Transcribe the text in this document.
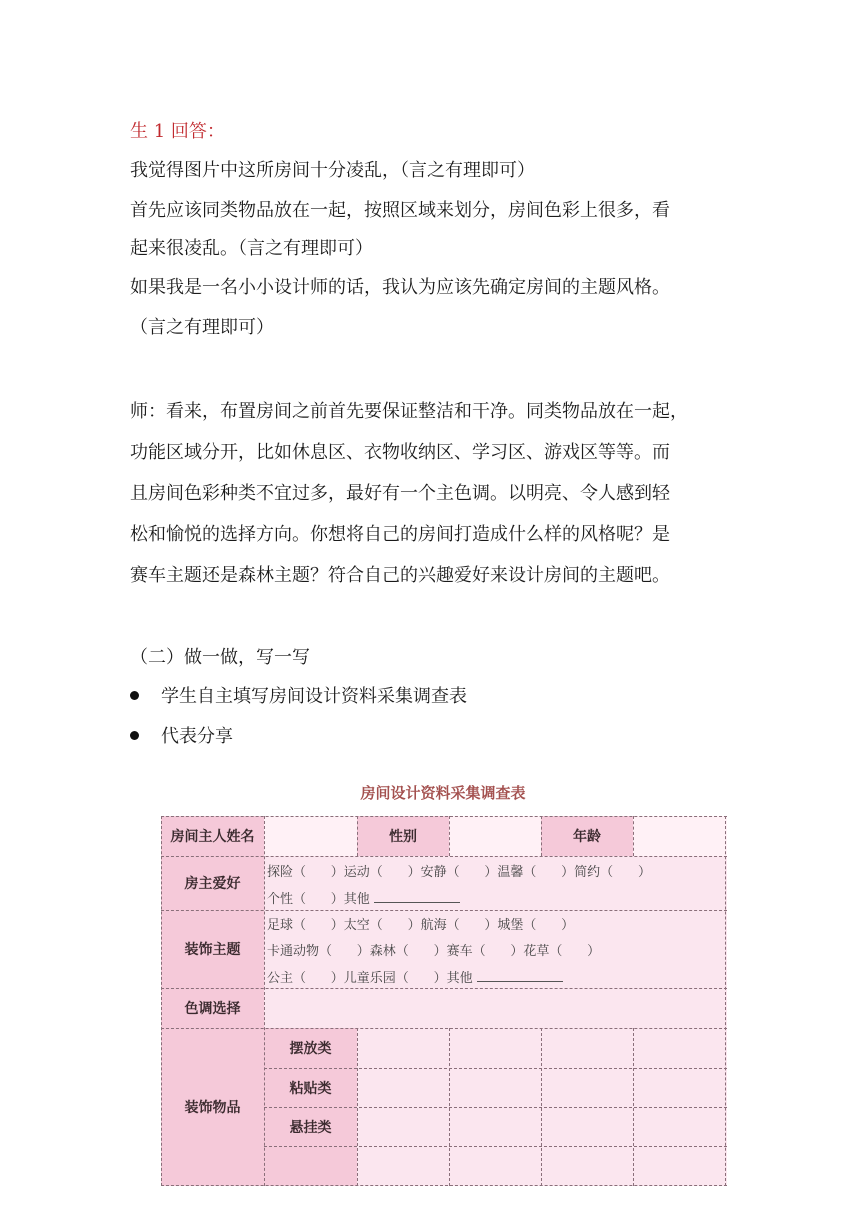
生 1 回答：
我觉得图片中这所房间十分凌乱，（言之有理即可）
首先应该同类物品放在一起，按照区域来划分，房间色彩上很多，看
起来很凌乱。（言之有理即可）
如果我是一名小小设计师的话，我认为应该先确定房间的主题风格。
（言之有理即可）
师：看来，布置房间之前首先要保证整洁和干净。同类物品放在一起，
功能区域分开，比如休息区、衣物收纳区、学习区、游戏区等等。而
且房间色彩种类不宜过多，最好有一个主色调。以明亮、令人感到轻
松和愉悦的选择方向。你想将自己的房间打造成什么样的风格呢？是
赛车主题还是森林主题？符合自己的兴趣爱好来设计房间的主题吧。
（二）做一做，写一写
学生自主填写房间设计资料采集调查表
代表分享
房间设计资料采集调查表
房间主人姓名	性别	年龄
房主爱好
装饰主题
色调选择
装饰物品
摆放类
粘贴类
悬挂类
探险（      ）运动（      ）安静（      ）温馨（      ）简约（      ）
个性（      ）其他
足球（      ）太空（      ）航海（      ）城堡（      ）
卡通动物（      ）森林（      ）赛车（      ）花草（      ）
公主（      ）儿童乐园（      ）其他
